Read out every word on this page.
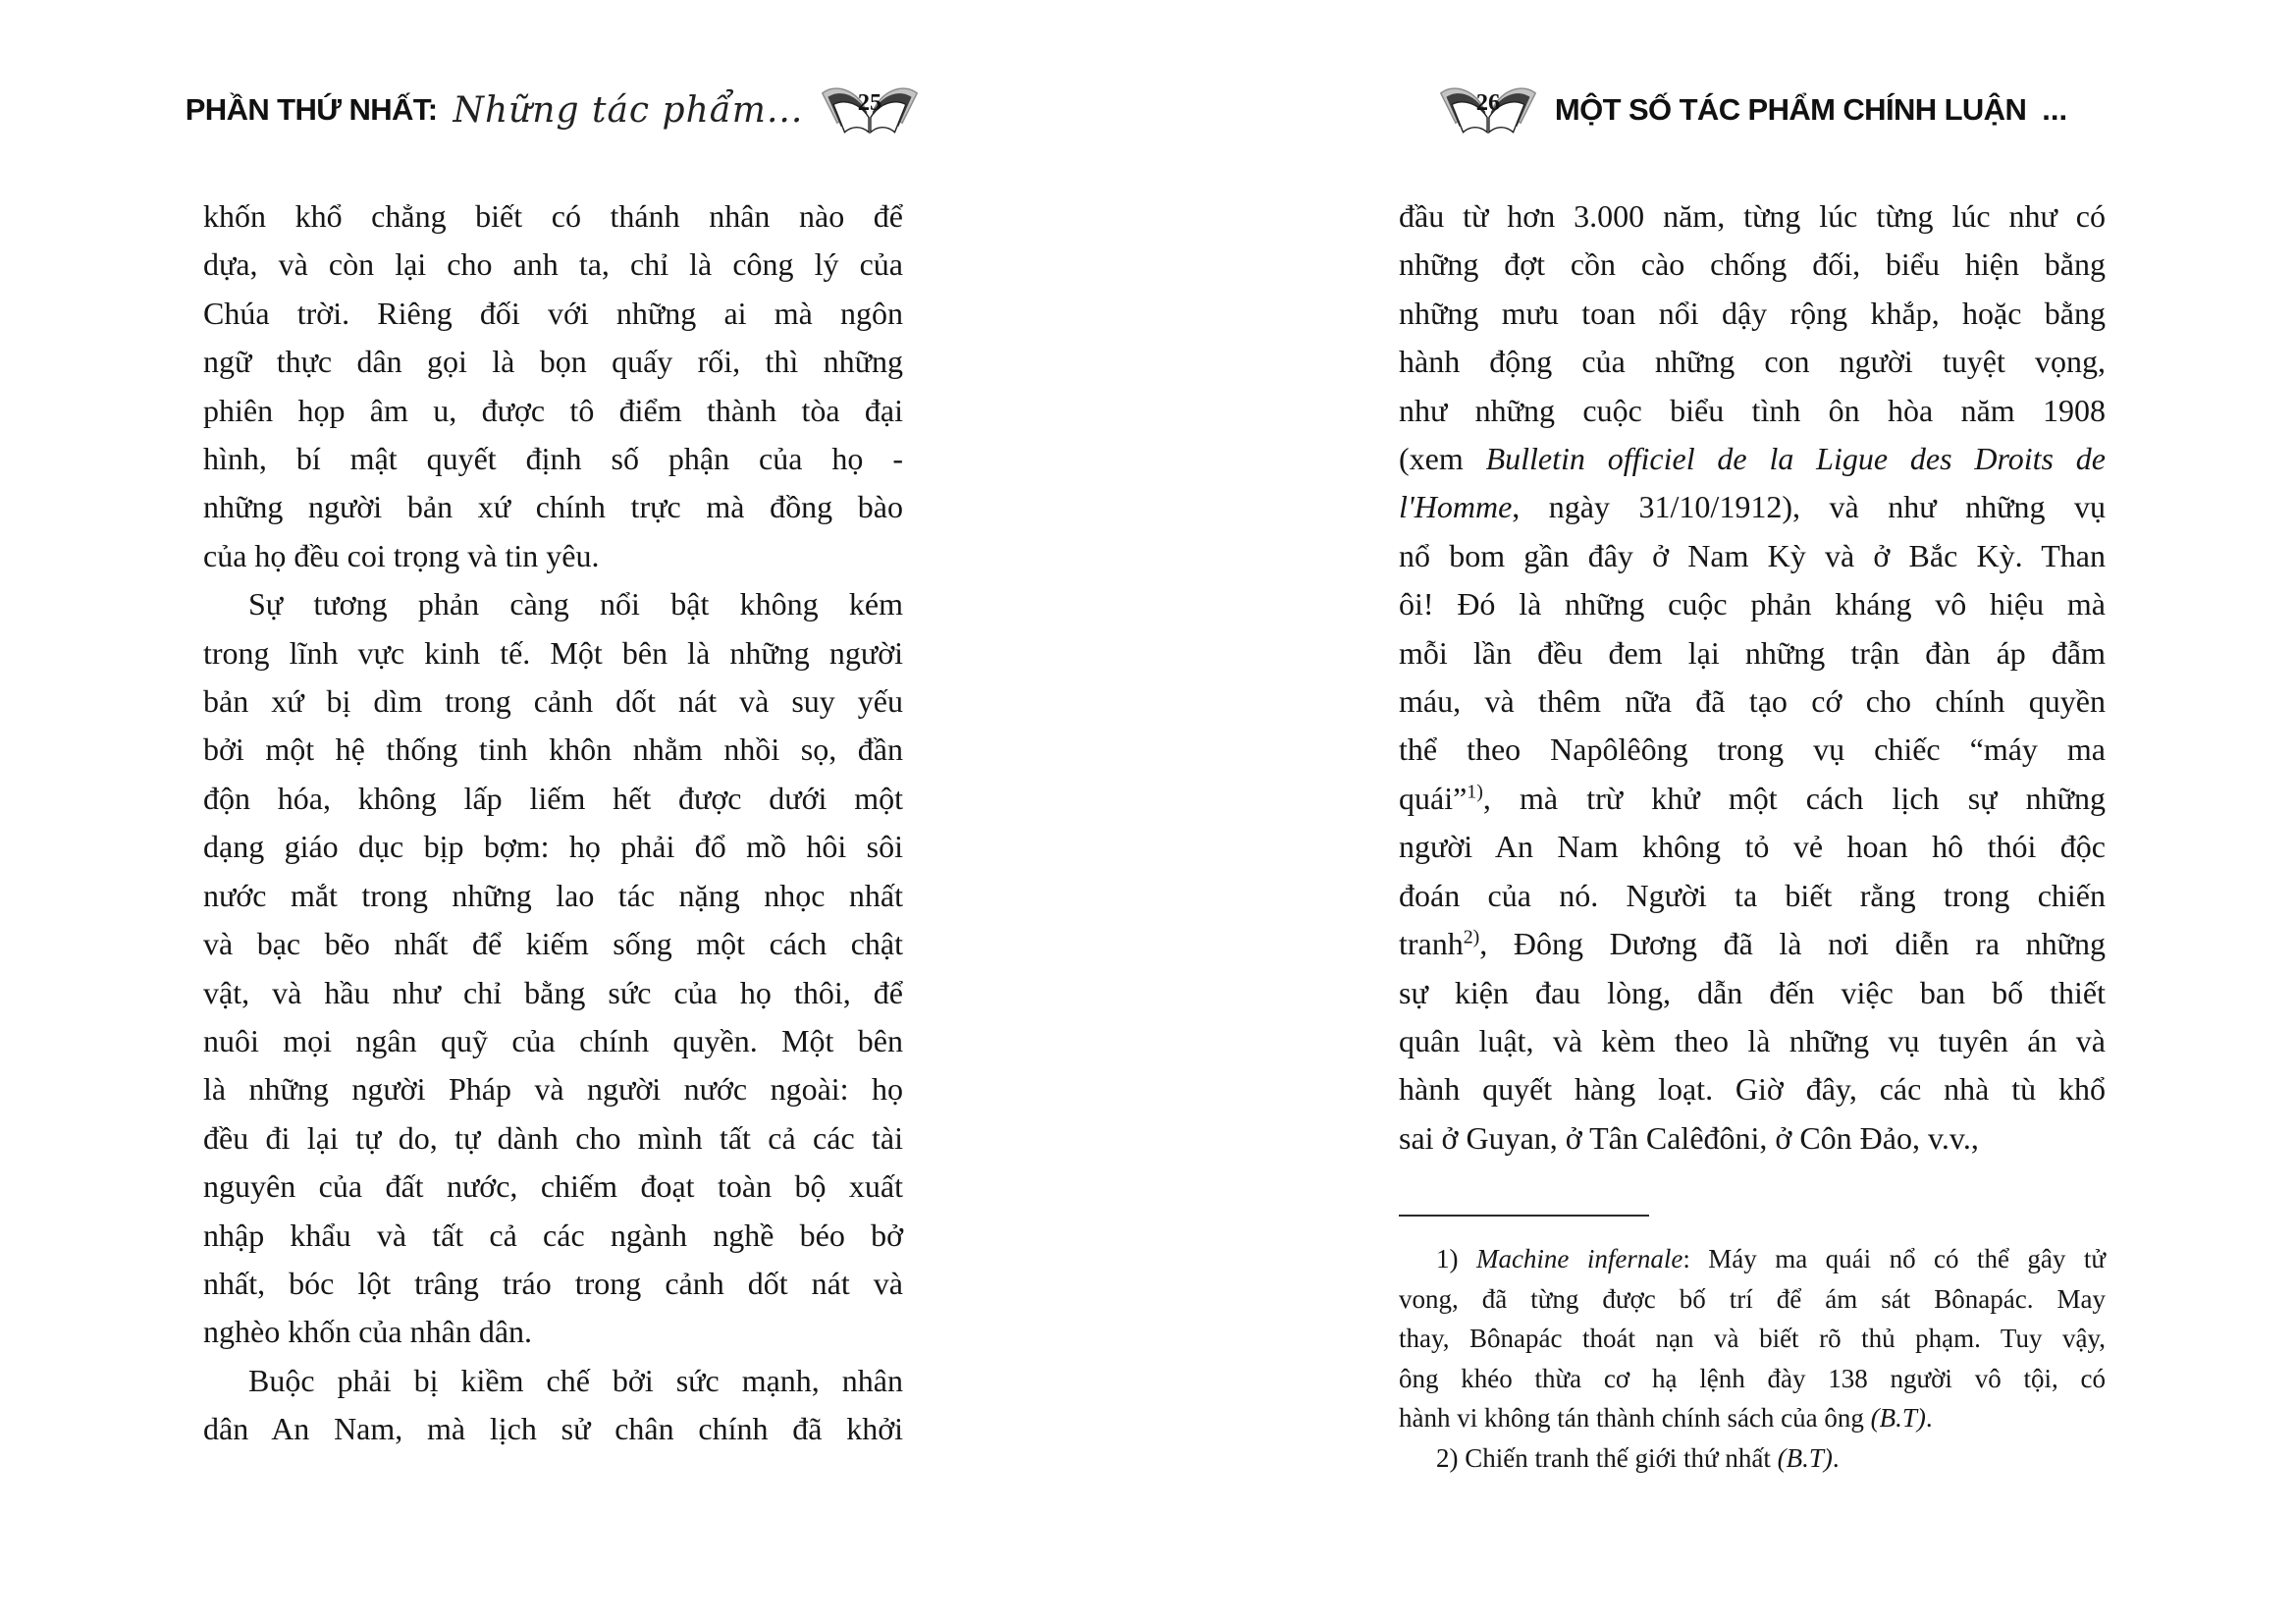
PHẦN THỨ NHẤT: Những tác phẩm... 25
khốn khổ chẳng biết có thánh nhân nào để
dựa, và còn lại cho anh ta, chỉ là công lý của
Chúa trời. Riêng đối với những ai mà ngôn
ngữ thực dân gọi là bọn quấy rối, thì những
phiên họp âm u, được tô điểm thành tòa đại
hình, bí mật quyết định số phận của họ -
những người bản xứ chính trực mà đồng bào
của họ đều coi trọng và tin yêu.
Sự tương phản càng nổi bật không kém
trong lĩnh vực kinh tế. Một bên là những người
bản xứ bị dìm trong cảnh dốt nát và suy yếu
bởi một hệ thống tinh khôn nhằm nhồi sọ, đần
độn hóa, không lấp liếm hết được dưới một
dạng giáo dục bịp bợm: họ phải đổ mồ hôi sôi
nước mắt trong những lao tác nặng nhọc nhất
và bạc bẽo nhất để kiếm sống một cách chật
vật, và hầu như chỉ bằng sức của họ thôi, để
nuôi mọi ngân quỹ của chính quyền. Một bên
là những người Pháp và người nước ngoài: họ
đều đi lại tự do, tự dành cho mình tất cả các tài
nguyên của đất nước, chiếm đoạt toàn bộ xuất
nhập khẩu và tất cả các ngành nghề béo bở
nhất, bóc lột trâng tráo trong cảnh dốt nát và
nghèo khốn của nhân dân.
Buộc phải bị kiềm chế bởi sức mạnh, nhân
dân An Nam, mà lịch sử chân chính đã khởi
26 MỘT SỐ TÁC PHẨM CHÍNH LUẬN ...
đầu từ hơn 3.000 năm, từng lúc từng lúc như có
những đợt cồn cào chống đối, biểu hiện bằng
những mưu toan nổi dậy rộng khắp, hoặc bằng
hành động của những con người tuyệt vọng,
như những cuộc biểu tình ôn hòa năm 1908
(xem Bulletin officiel de la Ligue des Droits de
l'Homme, ngày 31/10/1912), và như những vụ
nổ bom gần đây ở Nam Kỳ và ở Bắc Kỳ. Than
ôi! Đó là những cuộc phản kháng vô hiệu mà
mỗi lần đều đem lại những trận đàn áp đẫm
máu, và thêm nữa đã tạo cớ cho chính quyền
thể theo Napôlêông trong vụ chiếc “máy ma
quái”$^{1)}$, mà trừ khử một cách lịch sự những
người An Nam không tỏ vẻ hoan hô thói độc
đoán của nó. Người ta biết rằng trong chiến
tranh$^{2)}$, Đông Dương đã là nơi diễn ra những
sự kiện đau lòng, dẫn đến việc ban bố thiết
quân luật, và kèm theo là những vụ tuyên án và
hành quyết hàng loạt. Giờ đây, các nhà tù khổ
sai ở Guyan, ở Tân Calêđôni, ở Côn Đảo, v.v.,
1) Machine infernale: Máy ma quái nổ có thể gây tử
vong, đã từng được bố trí để ám sát Bônapác. May
thay, Bônapác thoát nạn và biết rõ thủ phạm. Tuy vậy,
ông khéo thừa cơ hạ lệnh đày 138 người vô tội, có
hành vi không tán thành chính sách của ông (B.T).
2) Chiến tranh thế giới thứ nhất (B.T).
